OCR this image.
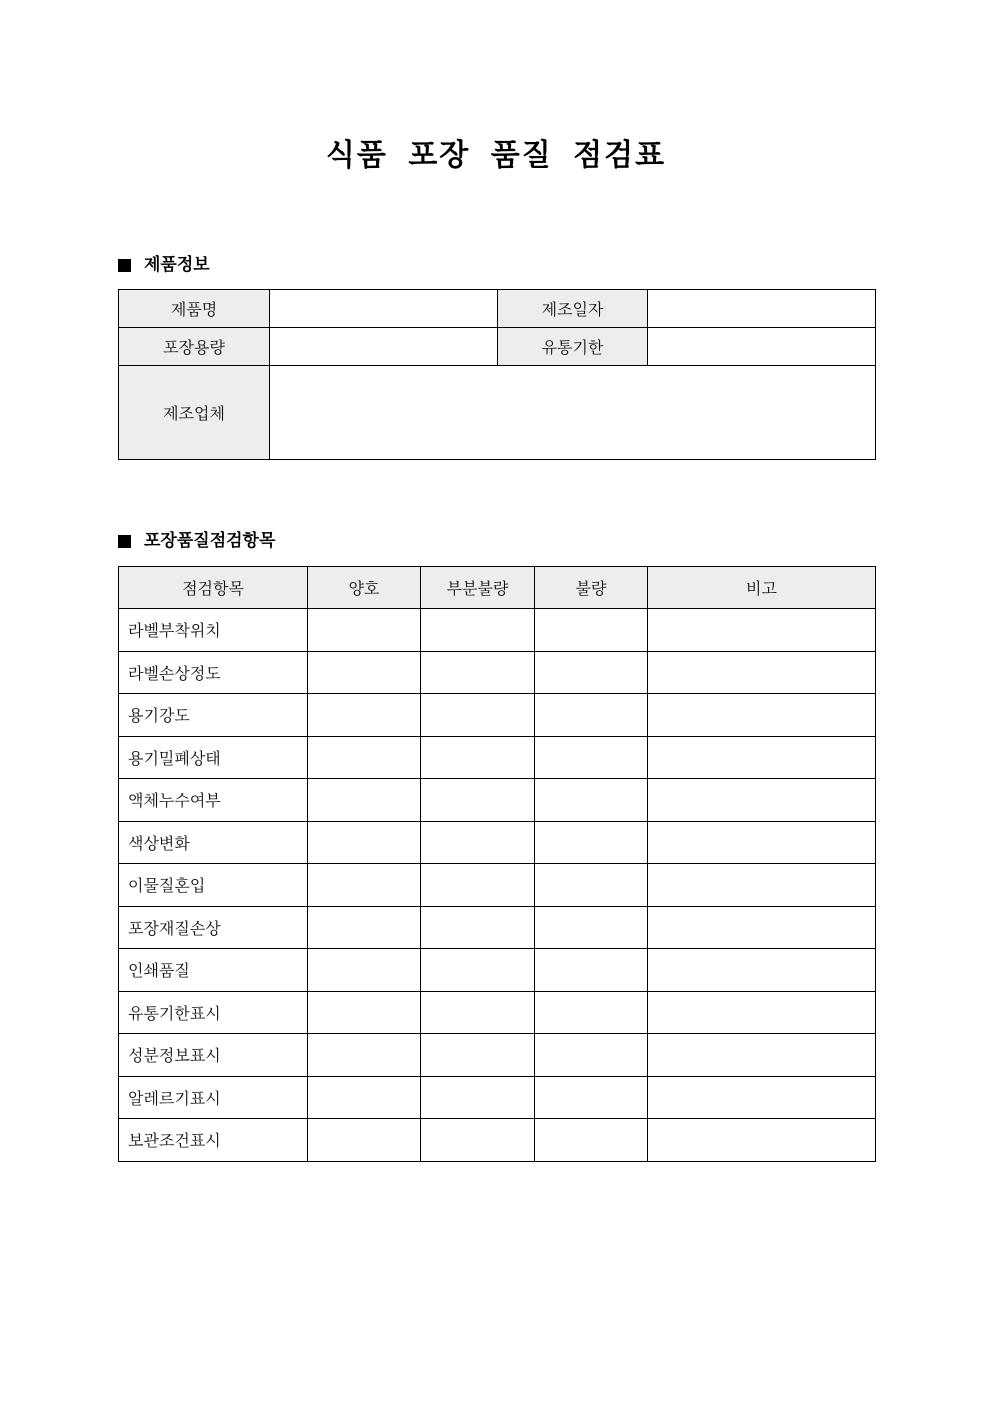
식품 포장 품질 점검표
제품정보
제품명		제조일자	
포장용량		유통기한	
제조업체			
포장품질점검항목
점검항목	양호	부분불량	불량	비고
라벨부착위치				
라벨손상정도				
용기강도				
용기밀폐상태				
액체누수여부				
색상변화				
이물질혼입				
포장재질손상				
인쇄품질				
유통기한표시				
성분정보표시				
알레르기표시				
보관조건표시				
